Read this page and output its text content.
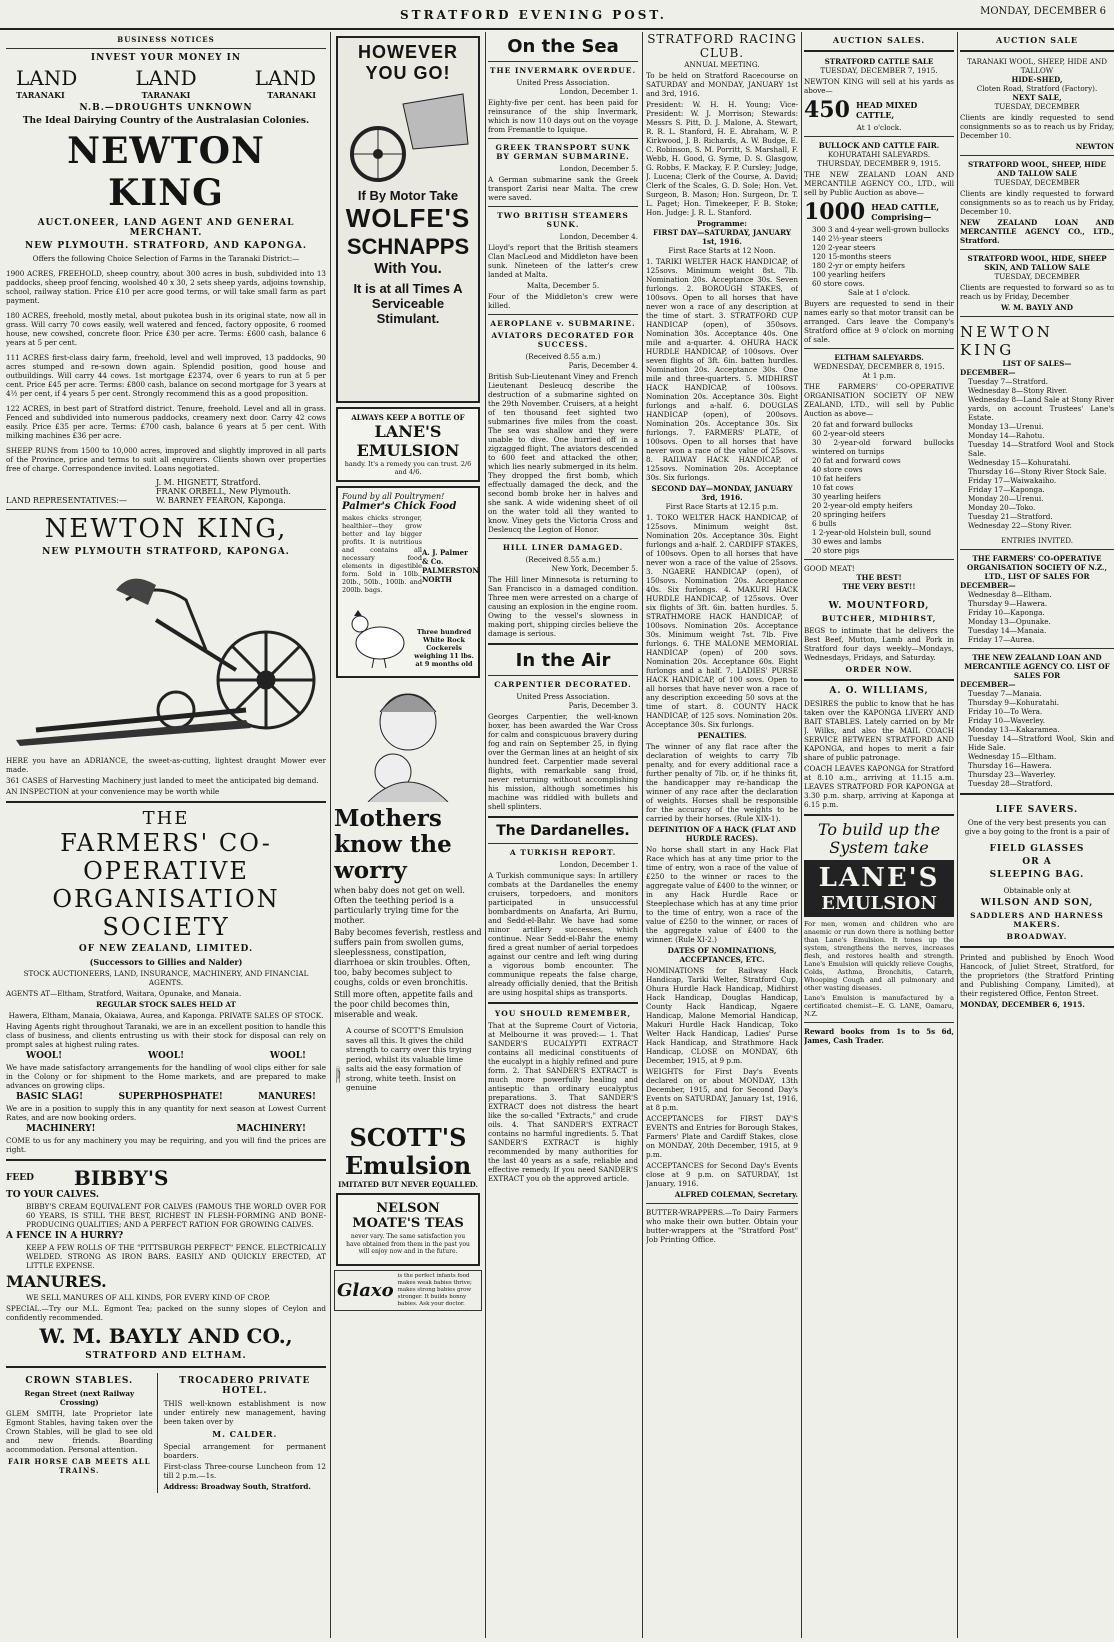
STRATFORD EVENING POST.	MONDAY, DECEMBER 6
BUSINESS NOTICES
INVEST YOUR MONEY IN
LAND	LAND	LAND
TARANAKI	TARANAKI	TARANAKI
N.B.—DROUGHTS UNKNOWN
The Ideal Dairying Country of the Australasian Colonies.
NEWTON KING
AUCT.ONEER, LAND AGENT AND GENERAL MERCHANT.
NEW PLYMOUTH. STRATFORD, AND KAPONGA.
Offers the following Choice Selection of Farms in the Taranaki District:—

1900 ACRES, FREEHOLD, sheep country, about 300 acres in bush, subdivided into 13 paddocks, sheep proof fencing, woolshed 40 x 30, 2 sets sheep yards, adjoins township, school, railway station. Price £10 per acre good terms, or will take small farm as part payment.

180 ACRES, freehold, mostly metal, about pukotea bush in its original state, now all in grass. Will carry 70 cows easily, well watered and fenced, factory opposite, 6 roomed house, new cowshed, concrete floor. Price £30 per acre. Terms: £600 cash, balance 6 years at 5 per cent.

111 ACRES first-class dairy farm, freehold, level and well improved, 13 paddocks, 90 acres stumped and re-sown down again. Splendid position, good house and outbuildings. Will carry 44 cows. 1st mortgage £2374, over 6 years to run at 5 per cent. Price £45 per acre. Terms: £800 cash, balance on second mortgage for 3 years at 4½ per cent, if 4 years 5 per cent. Strongly recommend this as a good proposition.

122 ACRES, in best part of Stratford district. Tenure, freehold. Level and all in grass. Fenced and subdivided into numerous paddocks, creamery next door. Carry 42 cows easily. Price £35 per acre. Terms: £700 cash, balance 6 years at 5 per cent. With milking machines £36 per acre.

SHEEP RUNS from 1500 to 10,000 acres, improved and slightly improved in all parts of the Province, price and terms to suit all enquirers. Clients shown over properties free of charge. Correspondence invited. Loans negotiated.

LAND REPRESENTATIVES:—
J. M. HIGNETT, Stratford.
FRANK ORBELL, New Plymouth.
W. BARNEY FEARON, Kaponga.
NEWTON KING,
NEW PLYMOUTH STRATFORD, KAPONGA.

HERE you have an ADRIANCE, the sweet-as-cutting, lightest draught Mower ever made.

361 CASES of Harvesting Machinery just landed to meet the anticipated big demand.

AN INSPECTION at your convenience may be worth while

THE
FARMERS' CO-OPERATIVE
ORGANISATION SOCIETY
OF NEW ZEALAND, LIMITED.
(Successors to Gillies and Nalder)

STOCK AUCTIONEERS, LAND, INSURANCE, MACHINERY, AND FINANCIAL AGENTS.

AGENTS AT—Eltham, Stratford, Waitara, Opunake, and Manaia.

REGULAR STOCK SALES HELD AT

Hawera, Eltham, Manaia, Okaiawa, Aurea, and Kaponga. PRIVATE SALES OF STOCK.

Having Agents right throughout Taranaki, we are in an excellent position to handle this class of business, and clients entrusting us with their stock for disposal can rely on prompt sales at highest ruling rates.

WOOL!	WOOL!	WOOL!

We have made satisfactory arrangements for the handling of wool clips either for sale in the Colony or for shipment to the Home markets, and are prepared to make advances on growing clips.

BASIC SLAG!	SUPERPHOSPHATE!	MANURES!

We are in a position to supply this in any quantity for next season at Lowest Current Rates, and are now booking orders.

MACHINERY!	MACHINERY!

COME to us for any machinery you may be requiring, and you will find the prices are right.

FEED BIBBY'S
TO YOUR CALVES.

BIBBY'S CREAM EQUIVALENT FOR CALVES (FAMOUS THE WORLD OVER FOR 60 YEARS, IS STILL THE BEST, RICHEST IN FLESH-FORMING AND BONE-PRODUCING QUALITIES; AND A PERFECT RATION FOR GROWING CALVES.

A FENCE IN A HURRY?

KEEP A FEW ROLLS OF THE "PITTSBURGH PERFECT" FENCE. ELECTRICALLY WELDED. STRONG AS IRON BARS. EASILY AND QUICKLY ERECTED, AT LITTLE EXPENSE.

MANURES.

WE SELL MANURES OF ALL KINDS, FOR EVERY KIND OF CROP.

SPECIAL.—Try our M.L. Egmont Tea; packed on the sunny slopes of Ceylon and confidently recommended.

W. M. BAYLY AND CO.,
STRATFORD AND ELTHAM.
CROWN STABLES.
Regan Street (next Railway Crossing)

GLEM SMITH, late Proprietor late Egmont Stables, having taken over the Crown Stables, will be glad to see old and new friends. Boarding accommodation. Personal attention.

FAIR HORSE CAB MEETS ALL TRAINS.
TROCADERO PRIVATE HOTEL.

THIS well-known establishment is now under entirely new management, having been taken over by

M. CALDER.

Special arrangement for permanent boarders.

First-class Three-course Luncheon from 12 till 2 p.m.—1s.

Address: Broadway South, Stratford.

HOWEVER YOU GO!
If By Motor Take
WOLFE'S
SCHNAPPS
With You.
It is at all Times A Serviceable Stimulant.
ALWAYS KEEP A BOTTLE OF
LANE'S EMULSION
handy. It's a remedy you can trust. 2/6 and 4/6.
Found by all Poultrymen!
Palmer's Chick Food

makes chicks stronger, healthier—they grow better and lay bigger profits. It is nutritious and contains all necessary food elements in digestible form. Sold in 10lb., 20lb., 50lb., 100lb. and 200lb. bags.

A. J. Palmer & Co. PALMERSTON NORTH
Three hundred White Rock Cockerels weighing 11 lbs. at 9 months old
Mothers know the worry

when baby does not get on well. Often the teething period is a particularly trying time for the mother.

Baby becomes feverish, restless and suffers pain from swollen gums, sleeplessness, constipation, diarrhoea or skin troubles. Often, too, baby becomes subject to coughs, colds or even bronchitis.

Still more often, appetite fails and the poor child becomes thin, miserable and weak.

A course of SCOTT'S Emulsion saves all this. It gives the child strength to carry over this trying period, whilst its valuable lime salts aid the easy formation of strong, white teeth. Insist on genuine

SCOTT'S Emulsion
IMITATED BUT NEVER EQUALLED.
NELSON MOATE'S TEAS

never vary. The same satisfaction you have obtained from them in the past you will enjoy now and in the future.

Glaxo
is the perfect infants food makes weak babies thrive; makes strong babies grow stronger. It builds bonny babies. Ask your doctor.
On the Sea
THE INVERMARK OVERDUE.
United Press Association.
London, December 1.

Eighty-five per cent. has been paid for reinsurance of the ship Invermark, which is now 110 days out on the voyage from Fremantle to Iquique.

GREEK TRANSPORT SUNK BY GERMAN SUBMARINE.
London, December 5.

A German submarine sank the Greek transport Zarisi near Malta. The crew were saved.

TWO BRITISH STEAMERS SUNK.
London, December 4.

Lloyd's report that the British steamers Clan MacLeod and Middleton have been sunk. Nineteen of the latter's crew landed at Malta.

Malta, December 5.

Four of the Middleton's crew were killed.

AEROPLANE v. SUBMARINE.
AVIATORS DECORATED FOR SUCCESS.
(Received 8.55 a.m.)
Paris, December 4.

British Sub-Lieutenant Viney and French Lieutenant Desleucq describe the destruction of a submarine sighted on the 29th November. Cruisers, at a height of ten thousand feet sighted two submarines five miles from the coast. The sea was shallow and they were unable to dive. One hurried off in a zigzagged flight. The aviators descended to 600 feet and attacked the other, which lies nearly submerged in its helm. They dropped the first bomb, which effectually damaged the deck, and the second bomb broke her in halves and she sank. A wide widening sheet of oil on the water told all they wanted to know. Viney gets the Victoria Cross and Desleucq the Legion of Honor.

HILL LINER DAMAGED.
(Received 8.55 a.m.)
New York, December 5.

The Hill liner Minnesota is returning to San Francisco in a damaged condition. Three men were arrested on a charge of causing an explosion in the engine room. Owing to the vessel's slowness in making port, shipping circles believe the damage is serious.

In the Air
CARPENTIER DECORATED.
United Press Association.
Paris, December 3.

Georges Carpentier, the well-known boxer, has been awarded the War Cross for calm and conspicuous bravery during fog and rain on September 25, in flying over the German lines at an height of six hundred feet. Carpentier made several flights, with remarkable sang froid, never returning without accomplishing his mission, although sometimes his machine was riddled with bullets and shell splinters.

The Dardanelles.
A TURKISH REPORT.
London, December 1.

A Turkish communique says: In artillery combats at the Dardanelles the enemy cruisers, torpedoers, and monitors participated in unsuccessful bombardments on Anafarta, Ari Burnu, and Sedd-el-Bahr. We have had some minor artillery successes, which continue. Near Sedd-el-Bahr the enemy fired a great number of aerial torpedoes against our centre and left wing during a vigorous bomb encounter. The communique repeats the false charge, already officially denied, that the British are using hospital ships as transports.

YOU SHOULD REMEMBER,

That at the Supreme Court of Victoria, at Melbourne it was proved:— 1. That SANDER'S EUCALYPTI EXTRACT contains all medicinal constituents of the eucalypt in a highly refined and pure form. 2. That SANDER'S EXTRACT is much more powerfully healing and antiseptic than ordinary eucalyptus preparations. 3. That SANDER'S EXTRACT does not distress the heart like the so-called "Extracts," and crude oils. 4. That SANDER'S EXTRACT contains no harmful ingredients. 5. That SANDER'S EXTRACT is highly recommended by many authorities for the last 40 years as a safe, reliable and effective remedy. If you need SANDER'S EXTRACT you ob the approved article.

STRATFORD RACING CLUB.
ANNUAL MEETING.

To be held on Stratford Racecourse on SATURDAY and MONDAY, JANUARY 1st and 3rd, 1916.

President: W. H. H. Young; Vice-President: W. J. Morrison; Stewards: Messrs S. Pitt, D. J. Malone, A. Stewart, R. R. L. Stanford, H. E. Abraham, W. P. Kirkwood, J. B. Richards, A. W. Budge, E. C. Robinson, S. M. Porritt, S. Marshall, F. Webb, H. Good, G. Syme, D. S. Glasgow, G. Robbs, F. Mackay, F. P. Cursley; Judge, J. Lucena; Clerk of the Course, A. David; Clerk of the Scales, G. D. Sole; Hon. Vet. Surgeon, B. Mason; Hon. Surgeon, Dr. T. L. Paget; Hon. Timekeeper, F. B. Stoke; Hon. Judge: J. R. L. Stanford.

Programme:
FIRST DAY—SATURDAY, JANUARY 1st, 1916.
First Race Starts at 12 Noon.

1. TARIKI WELTER HACK HANDICAP, of 125sovs. Minimum weight 8st. 7lb. Nomination 20s. Acceptance 30s. Seven furlongs. 2. BOROUGH STAKES, of 100sovs. Open to all horses that have never won a race of any description at the time of start. 3. STRATFORD CUP HANDICAP (open), of 350sovs. Nomination 30s. Acceptance 40s. One mile and a-quarter. 4. OHURA HACK HURDLE HANDICAP, of 100sovs. Over seven flights of 3ft. 6in. batten hurdles. Nomination 20s. Acceptance 30s. One mile and three-quarters. 5. MIDHIRST HACK HANDICAP, of 100sovs. Nomination 20s. Acceptance 30s. Eight furlongs and a-half. 6. DOUGLAS HANDICAP (open), of 200sovs. Nomination 20s. Acceptance 30s. Six furlongs. 7. FARMERS' PLATE, of 100sovs. Open to all horses that have never won a race of the value of 25sovs. 8. RAILWAY HACK HANDICAP, of 125sovs. Nomination 20s. Acceptance 30s. Six furlongs.

SECOND DAY—MONDAY, JANUARY 3rd, 1916.
First Race Starts at 12.15 p.m.

1. TOKO WELTER HACK HANDICAP, of 125sovs. Minimum weight 8st. Nomination 20s. Acceptance 30s. Eight furlongs and a-half. 2. CARDIFF STAKES, of 100sovs. Open to all horses that have never won a race of the value of 25sovs. 3. NGAERE HANDICAP (open), of 150sovs. Nomination 20s. Acceptance 40s. Six furlongs. 4. MAKURI HACK HURDLE HANDICAP, of 125sovs. Over six flights of 3ft. 6in. batten hurdles. 5. STRATHMORE HACK HANDICAP, of 100sovs. Nomination 20s. Acceptance 30s. Minimum weight 7st. 7lb. Five furlongs. 6. THE MALONE MEMORIAL HANDICAP (open) of 200 sovs. Nomination 20s. Acceptance 60s. Eight furlongs and a half. 7. LADIES' PURSE HACK HANDICAP, of 100 sovs. Open to all horses that have never won a race of any description exceeding 50 sovs at the time of start. 8. COUNTY HACK HANDICAP, of 125 sovs. Nomination 20s. Acceptance 30s. Six furlongs.

PENALTIES.

The winner of any flat race after the declaration of weights to carry 7lb penalty, and for every additional race a further penalty of 7lb. or, if he thinks fit, the handicapper may re-handicap the winner of any race after the declaration of weights. Horses shall be responsible for the accuracy of the weights to be carried by their horses. (Rule XIX-1).

DEFINITION OF A HACK (FLAT AND HURDLE RACES).

No horse shall start in any Hack Flat Race which has at any time prior to the time of entry, won a race of the value of £250 to the winner or races to the aggregate value of £400 to the winner, or in any Hack Hurdle Race or Steeplechase which has at any time prior to the time of entry, won a race of the value of £250 to the winner, or races of the aggregate value of £400 to the winner. (Rule XI-2.)

DATES OF NOMINATIONS, ACCEPTANCES, ETC.

NOMINATIONS for Railway Hack Handicap, Tariki Welter, Stratford Cup, Ohura Hurdle Hack Handicap, Midhirst Hack Handicap, Douglas Handicap, County Hack Handicap, Ngaere Handicap, Malone Memorial Handicap, Makuri Hurdle Hack Handicap, Toko Welter Hack Handicap, Ladies' Purse Hack Handicap, and Strathmore Hack Handicap, CLOSE on MONDAY, 6th December, 1915, at 9 p.m.

WEIGHTS for First Day's Events declared on or about MONDAY, 13th December, 1915, and for Second Day's Events on SATURDAY, January 1st, 1916, at 8 p.m.

ACCEPTANCES for FIRST DAY'S EVENTS and Entries for Borough Stakes, Farmers' Plate and Cardiff Stakes, close on MONDAY, 20th December, 1915, at 9 p.m.

ACCEPTANCES for Second Day's Events close at 9 p.m. on SATURDAY, 1st January, 1916.

ALFRED COLEMAN, Secretary.

BUTTER-WRAPPERS.—To Dairy Farmers who make their own butter. Obtain your butter-wrappers at the "Stratford Post" Job Printing Office.

AUCTION SALES.
STRATFORD CATTLE SALE
TUESDAY, DECEMBER 7, 1915.

NEWTON KING will sell at his yards as above—

450 HEAD MIXED CATTLE,
At 1 o'clock.
BULLOCK AND CATTLE FAIR.
KOHURATAHI SALEYARDS.
THURSDAY, DECEMBER 9, 1915.

THE NEW ZEALAND LOAN AND MERCANTILE AGENCY CO., LTD., will sell by Public Auction as above—

1000 HEAD CATTLE, Comprising—
300 3 and 4-year well-grown bullocks
140 2½-year steers
120 2-year steers
120 15-months steers
180 2-yr or empty heifers
100 yearling heifers
60 store cows.
Sale at 1 o'clock.

Buyers are requested to send in their names early so that motor transit can be arranged. Cars leave the Company's Stratford office at 9 o'clock on morning of sale.

ELTHAM SALEYARDS.
WEDNESDAY, DECEMBER 8, 1915.
At 1 p.m.

THE FARMERS' CO-OPERATIVE ORGANISATION SOCIETY OF NEW ZEALAND, LTD., will sell by Public Auction as above—

20 fat and forward bullocks
60 2-year-old steers
30 2-year-old forward bullocks wintered on turnips
20 fat and forward cows
40 store cows
10 fat heifers
10 fat cows
30 yearling heifers
20 2-year-old empty heifers
20 springing heifers
6 bulls
1 2-year-old Holstein bull, sound
30 ewes and lambs
20 store pigs
GOOD MEAT!
THE BEST!
THE VERY BEST!!
W. MOUNTFORD,
BUTCHER, MIDHIRST,

BEGS to intimate that he delivers the Best Beef, Mutton, Lamb and Pork in Stratford four days weekly—Mondays, Wednesdays, Fridays, and Saturday.

ORDER NOW.
A. O. WILLIAMS,

DESIRES the public to know that he has taken over the KAPONGA LIVERY AND BAIT STABLES. Lately carried on by Mr J. Wilks, and also the MAIL COACH SERVICE BETWEEN STRATFORD AND KAPONGA, and hopes to merit a fair share of public patronage.

COACH LEAVES KAPONGA for Stratford at 8.10 a.m., arriving at 11.15 a.m. LEAVES STRATFORD FOR KAPONGA at 3.30 p.m. sharp, arriving at Kaponga at 6.15 p.m.

To build up the System take
LANE'S
EMULSION

For men, women and children who are anaemic or run down there is nothing better than Lane's Emulsion. It tones up the system, strengthens the nerves, increases flesh, and restores health and strength. Lane's Emulsion will quickly relieve Coughs, Colds, Asthma, Bronchitis, Catarrh, Whooping Cough and all pulmonary and other wasting diseases.

Lane's Emulsion is manufactured by a certificated chemist—E. G. LANE, Oamaru, N.Z.

Reward books from 1s to 5s 6d, James, Cash Trader.

AUCTION SALE
TARANAKI WOOL, SHEEP, HIDE AND TALLOW
HIDE-SHED,
Cloten Road, Stratford (Factory).
NEXT SALE,
TUESDAY, DECEMBER

Clients are kindly requested to send consignments so as to reach us by Friday, December 10.

NEWTON
STRATFORD WOOL, SHEEP, HIDE AND TALLOW SALE
TUESDAY, DECEMBER

Clients are kindly requested to forward consignments so as to reach us by Friday, December 10.

NEW ZEALAND LOAN AND MERCANTILE AGENCY CO., LTD., Stratford.
STRATFORD WOOL, HIDE, SHEEP SKIN, AND TALLOW SALE
TUESDAY, DECEMBER

Clients are requested to forward so as to reach us by Friday, December

W. M. BAYLY AND
NEWTON KING
LIST OF SALES—
DECEMBER—
Tuesday 7—Stratford.
Wednesday 8—Stony River.
Wednesday 8—Land Sale at Stony River yards, on account Trustees' Lane's Estate.
Monday 13—Urenui.
Monday 14—Rahotu.
Tuesday 14—Stratford Wool and Stock Sale.
Wednesday 15—Kohuratahi.
Thursday 16—Stony River Stock Sale.
Friday 17—Waiwakaiho.
Friday 17—Kaponga.
Monday 20—Urenui.
Monday 20—Toko.
Tuesday 21—Stratford.
Wednesday 22—Stony River.
ENTRIES INVITED.
THE FARMERS' CO-OPERATIVE ORGANISATION SOCIETY OF N.Z., LTD., LIST OF SALES FOR
DECEMBER—
Wednesday 8—Eltham.
Thursday 9—Hawera.
Friday 10—Kaponga.
Monday 13—Opunake.
Tuesday 14—Manaia.
Friday 17—Aurea.
THE NEW ZEALAND LOAN AND MERCANTILE AGENCY CO. LIST OF SALES FOR
DECEMBER—
Tuesday 7—Manaia.
Thursday 9—Kohuratahi.
Friday 10—To Wera.
Friday 10—Waverley.
Monday 13—Kakaramea.
Tuesday 14—Stratford Wool, Skin and Hide Sale.
Wednesday 15—Eltham.
Thursday 16—Hawera.
Thursday 23—Waverley.
Tuesday 28—Stratford.
LIFE SAVERS.

One of the very best presents you can give a boy going to the front is a pair of

FIELD GLASSES
OR A
SLEEPING BAG.
Obtainable only at
WILSON AND SON,
SADDLERS AND HARNESS MAKERS.
BROADWAY.

Printed and published by Enoch Wood Hancock, of Juliet Street, Stratford, for the proprietors (the Stratford Printing and Publishing Company, Limited), at their registered Office, Fenton Street.

MONDAY, DECEMBER 6, 1915.
